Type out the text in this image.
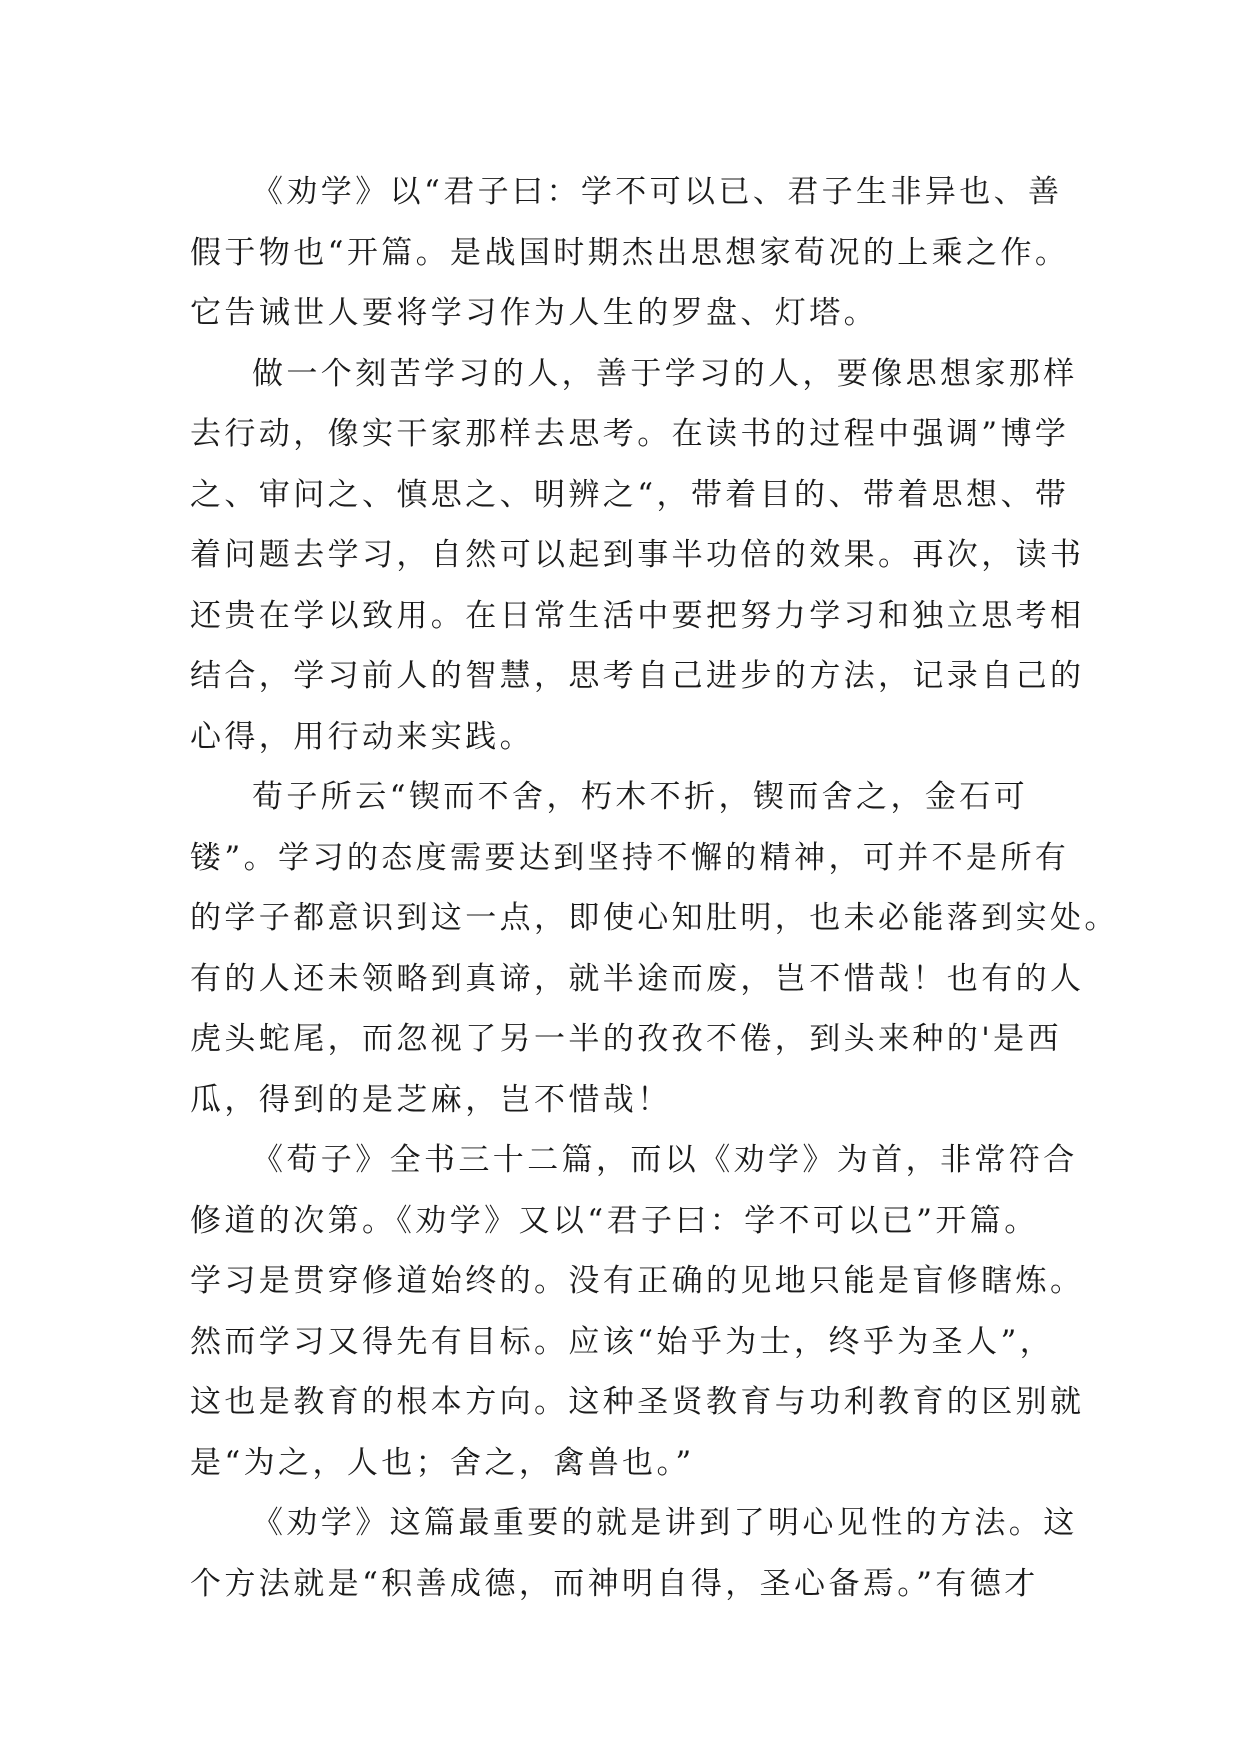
《劝学》以“君子曰：学不可以已、君子生非异也、善
假于物也“开篇。是战国时期杰出思想家荀况的上乘之作。
它告诫世人要将学习作为人生的罗盘、灯塔。
做一个刻苦学习的人，善于学习的人，要像思想家那样
去行动，像实干家那样去思考。在读书的过程中强调”博学
之、审问之、慎思之、明辨之“，带着目的、带着思想、带
着问题去学习，自然可以起到事半功倍的效果。再次，读书
还贵在学以致用。在日常生活中要把努力学习和独立思考相
结合，学习前人的智慧，思考自己进步的方法，记录自己的
心得，用行动来实践。
荀子所云“锲而不舍，朽木不折，锲而舍之，金石可
镂”。学习的态度需要达到坚持不懈的精神，可并不是所有
的学子都意识到这一点，即使心知肚明，也未必能落到实处。
有的人还未领略到真谛，就半途而废，岂不惜哉！也有的人
虎头蛇尾，而忽视了另一半的孜孜不倦，到头来种的'是西
瓜，得到的是芝麻，岂不惜哉！
《荀子》全书三十二篇，而以《劝学》为首，非常符合
修道的次第。《劝学》又以“君子曰：学不可以已”开篇。
学习是贯穿修道始终的。没有正确的见地只能是盲修瞎炼。
然而学习又得先有目标。应该“始乎为士，终乎为圣人”，
这也是教育的根本方向。这种圣贤教育与功利教育的区别就
是“为之，人也；舍之，禽兽也。”
《劝学》这篇最重要的就是讲到了明心见性的方法。这
个方法就是“积善成德，而神明自得，圣心备焉。”有德才
